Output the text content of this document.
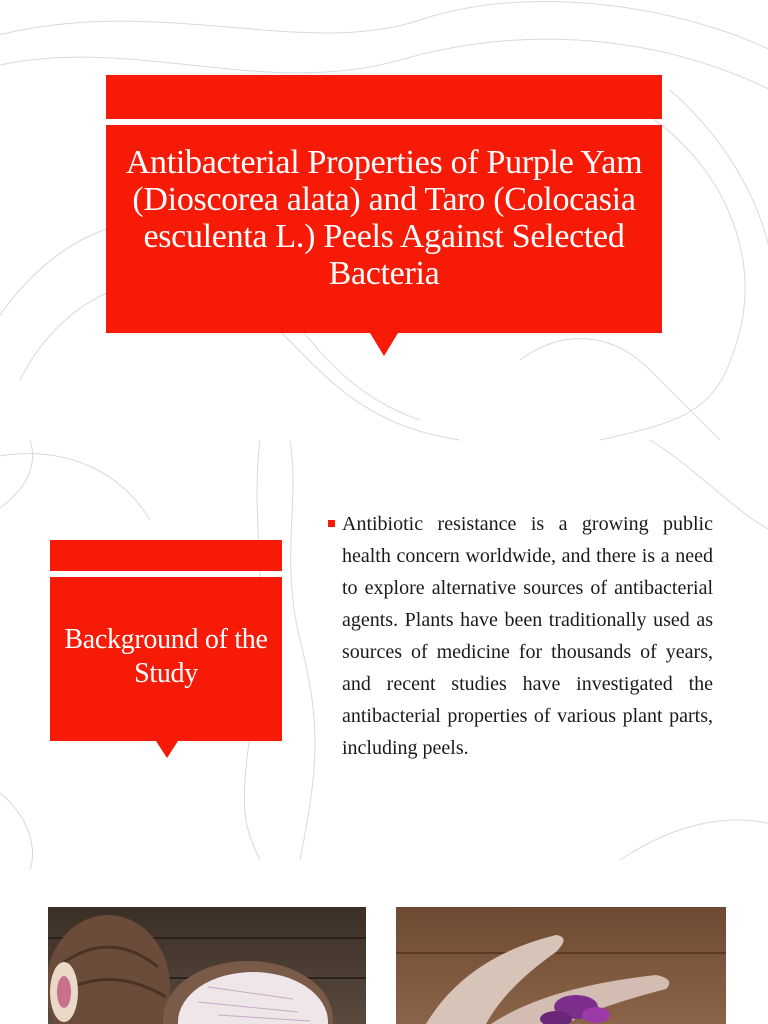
Antibacterial Properties of Purple Yam (Dioscorea alata) and Taro (Colocasia esculenta L.) Peels Against Selected Bacteria
Background of the Study
Antibiotic resistance is a growing public health concern worldwide, and there is a need to explore alternative sources of antibacterial agents. Plants have been traditionally used as sources of medicine for thousands of years, and recent studies have investigated the antibacterial properties of various plant parts, including peels.
